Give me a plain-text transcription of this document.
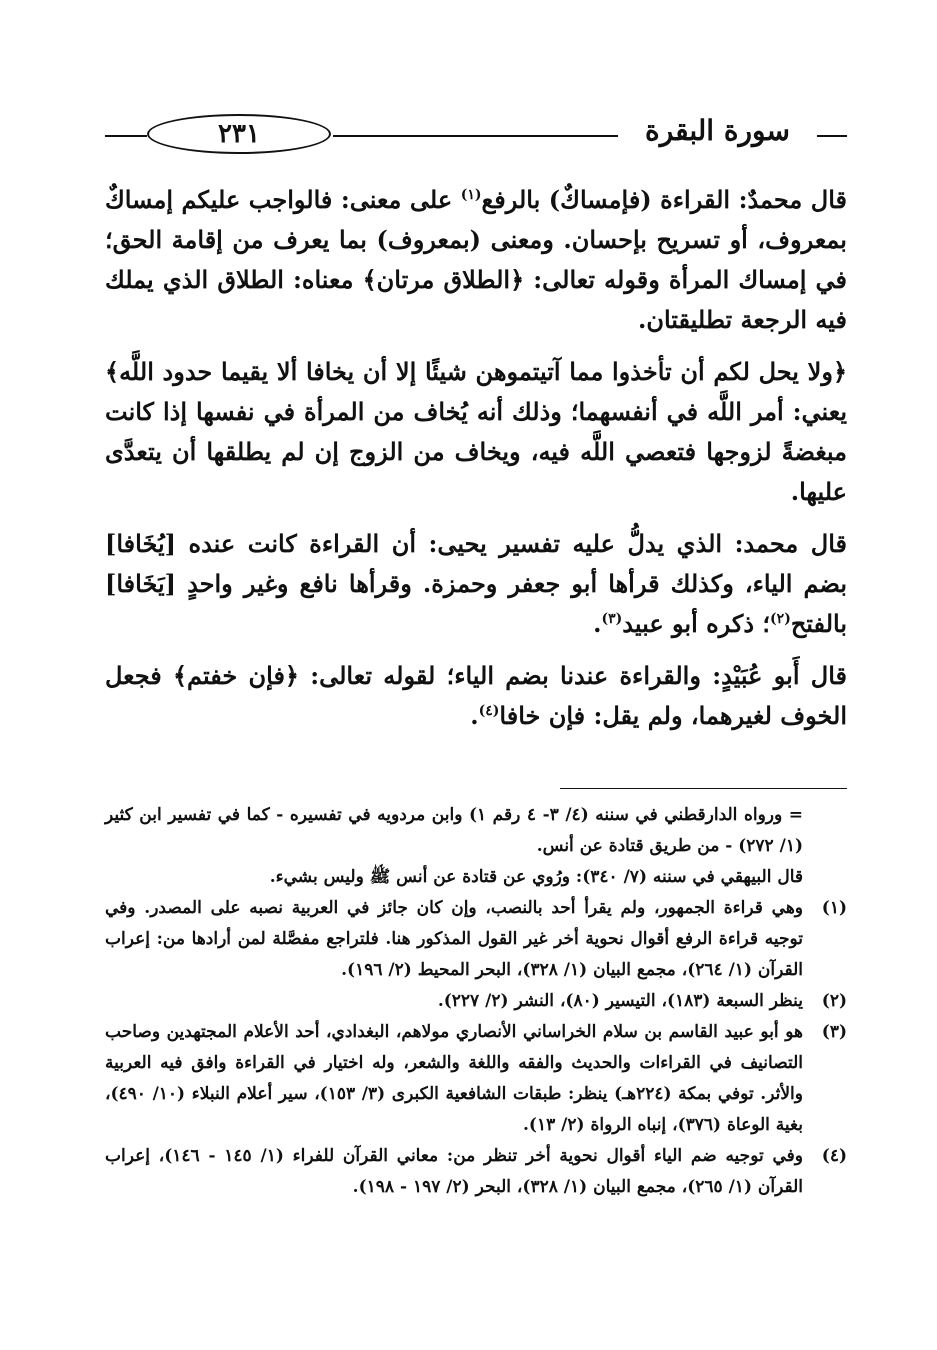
٢٣١	سورة البقرة

قال محمدٌ: القراءة (فإمساكٌ) بالرفع$^{(١)}$ على معنى: فالواجب عليكم إمساكٌ بمعروف، أو تسريح بإحسان. ومعنى (بمعروف) بما يعرف من إقامة الحق؛ في إمساك المرأة وقوله تعالى: ﴿الطلاق مرتان﴾ معناه: الطلاق الذي يملك فيه الرجعة تطليقتان.

﴿ولا يحل لكم أن تأخذوا مما آتيتموهن شيئًا إلا أن يخافا ألا يقيما حدود اللَّه﴾ يعني: أمر اللَّه في أنفسهما؛ وذلك أنه يُخاف من المرأة في نفسها إذا كانت مبغضةً لزوجها فتعصي اللَّه فيه، ويخاف من الزوج إن لم يطلقها أن يتعدَّى عليها.

قال محمد: الذي يدلُّ عليه تفسير يحيى: أن القراءة كانت عنده [يُخَافا] بضم الياء، وكذلك قرأها أبو جعفر وحمزة. وقرأها نافع وغير واحدٍ [يَخَافا] بالفتح$^{(٢)}$؛ ذكره أبو عبيد$^{(٣)}$.

قال أَبو عُبَيْدٍ: والقراءة عندنا بضم الياء؛ لقوله تعالى: ﴿فإن خفتم﴾ فجعل الخوف لغيرهما، ولم يقل: فإن خافا$^{(٤)}$.

= ورواه الدارقطني في سننه (٤/ ٣- ٤ رقم ١) وابن مردويه في تفسيره - كما في تفسير ابن كثير (١/ ٢٧٢) - من طريق قتادة عن أنس.

قال البيهقي في سننه (٧/ ٣٤٠): ورُوي عن قتادة عن أنس ﷺ وليس بشيء.

(١)
وهي قراءة الجمهور، ولم يقرأ أحد بالنصب، وإن كان جائز في العربية نصبه على المصدر. وفي توجيه قراءة الرفع أقوال نحوية أخر غير القول المذكور هنا. فلتراجع مفصَّلة لمن أرادها من: إعراب القرآن (١/ ٢٦٤)، مجمع البيان (١/ ٣٢٨)، البحر المحيط (٢/ ١٩٦).
(٢)
ينظر السبعة (١٨٣)، التيسير (٨٠)، النشر (٢/ ٢٢٧).
(٣)
هو أبو عبيد القاسم بن سلام الخراساني الأنصاري مولاهم، البغدادي، أحد الأعلام المجتهدين وصاحب التصانيف في القراءات والحديث والفقه واللغة والشعر، وله اختيار في القراءة وافق فيه العربية والأثر. توفي بمكة (٢٢٤هـ) ينظر: طبقات الشافعية الكبرى (٣/ ١٥٣)، سير أعلام النبلاء (١٠/ ٤٩٠)، بغية الوعاة (٣٧٦)، إنباه الرواة (٢/ ١٣).
(٤)
وفي توجيه ضم الياء أقوال نحوية أخر تنظر من: معاني القرآن للفراء (١/ ١٤٥ - ١٤٦)، إعراب القرآن (١/ ٢٦٥)، مجمع البيان (١/ ٣٢٨)، البحر (٢/ ١٩٧ - ١٩٨).
